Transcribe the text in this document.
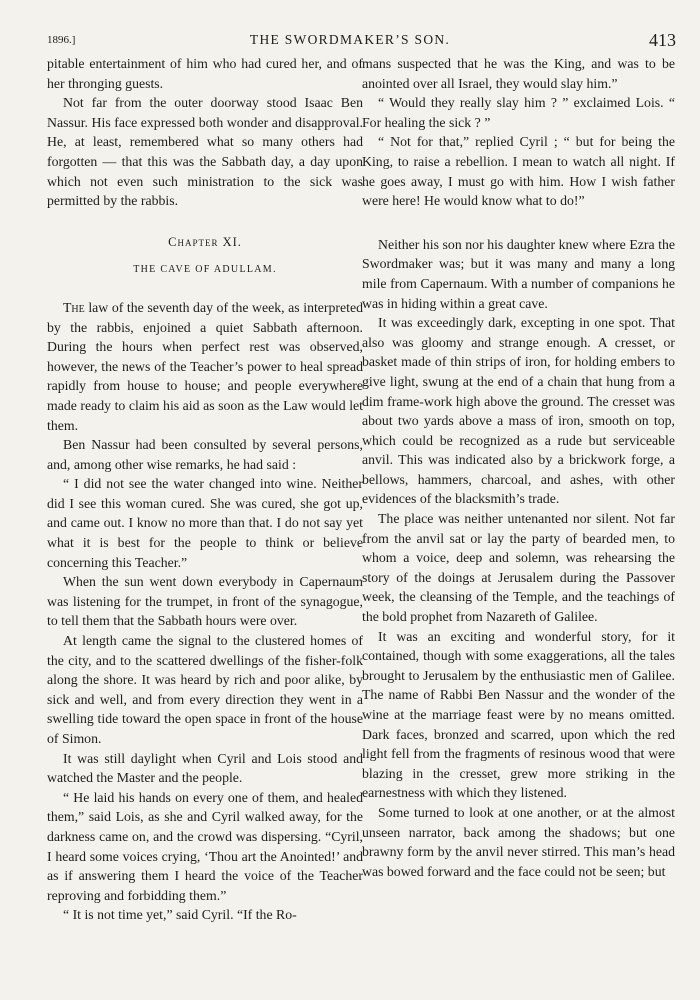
1896.]	THE SWORDMAKER’S SON.	413

pitable entertainment of him who had cured her, and of her thronging guests.

Not far from the outer doorway stood Isaac Ben Nassur. His face expressed both wonder and disapproval. He, at least, remembered what so many others had forgotten — that this was the Sabbath day, a day upon which not even such ministration to the sick was permitted by the rabbis.

Chapter XI.
THE CAVE OF ADULLAM.

The law of the seventh day of the week, as interpreted by the rabbis, enjoined a quiet Sabbath afternoon. During the hours when perfect rest was observed, however, the news of the Teacher’s power to heal spread rapidly from house to house; and people everywhere made ready to claim his aid as soon as the Law would let them.

Ben Nassur had been consulted by several persons, and, among other wise remarks, he had said :

“ I did not see the water changed into wine. Neither did I see this woman cured. She was cured, she got up, and came out. I know no more than that. I do not say yet what it is best for the people to think or believe concerning this Teacher.”

When the sun went down everybody in Capernaum was listening for the trumpet, in front of the synagogue, to tell them that the Sabbath hours were over.

At length came the signal to the clustered homes of the city, and to the scattered dwellings of the fisher-folk along the shore. It was heard by rich and poor alike, by sick and well, and from every direction they went in a swelling tide toward the open space in front of the house of Simon.

It was still daylight when Cyril and Lois stood and watched the Master and the people.

“ He laid his hands on every one of them, and healed them,” said Lois, as she and Cyril walked away, for the darkness came on, and the crowd was dispersing. “Cyril, I heard some voices crying, ‘Thou art the Anointed!’ and as if answering them I heard the voice of the Teacher reproving and forbidding them.”

“ It is not time yet,” said Cyril. “If the Ro-

mans suspected that he was the King, and was to be anointed over all Israel, they would slay him.”

“ Would they really slay him ? ” exclaimed Lois. “ For healing the sick ? ”

“ Not for that,” replied Cyril ; “ but for being the King, to raise a rebellion. I mean to watch all night. If he goes away, I must go with him. How I wish father were here! He would know what to do!”

Neither his son nor his daughter knew where Ezra the Swordmaker was; but it was many and many a long mile from Capernaum. With a number of companions he was in hiding within a great cave.

It was exceedingly dark, excepting in one spot. That also was gloomy and strange enough. A cresset, or basket made of thin strips of iron, for holding embers to give light, swung at the end of a chain that hung from a dim frame-work high above the ground. The cresset was about two yards above a mass of iron, smooth on top, which could be recognized as a rude but serviceable anvil. This was indicated also by a brickwork forge, a bellows, hammers, charcoal, and ashes, with other evidences of the blacksmith’s trade.

The place was neither untenanted nor silent. Not far from the anvil sat or lay the party of bearded men, to whom a voice, deep and solemn, was rehearsing the story of the doings at Jerusalem during the Passover week, the cleansing of the Temple, and the teachings of the bold prophet from Nazareth of Galilee.

It was an exciting and wonderful story, for it contained, though with some exaggerations, all the tales brought to Jerusalem by the enthusiastic men of Galilee. The name of Rabbi Ben Nassur and the wonder of the wine at the marriage feast were by no means omitted. Dark faces, bronzed and scarred, upon which the red light fell from the fragments of resinous wood that were blazing in the cresset, grew more striking in the earnestness with which they listened.

Some turned to look at one another, or at the almost unseen narrator, back among the shadows; but one brawny form by the anvil never stirred. This man’s head was bowed forward and the face could not be seen; but
